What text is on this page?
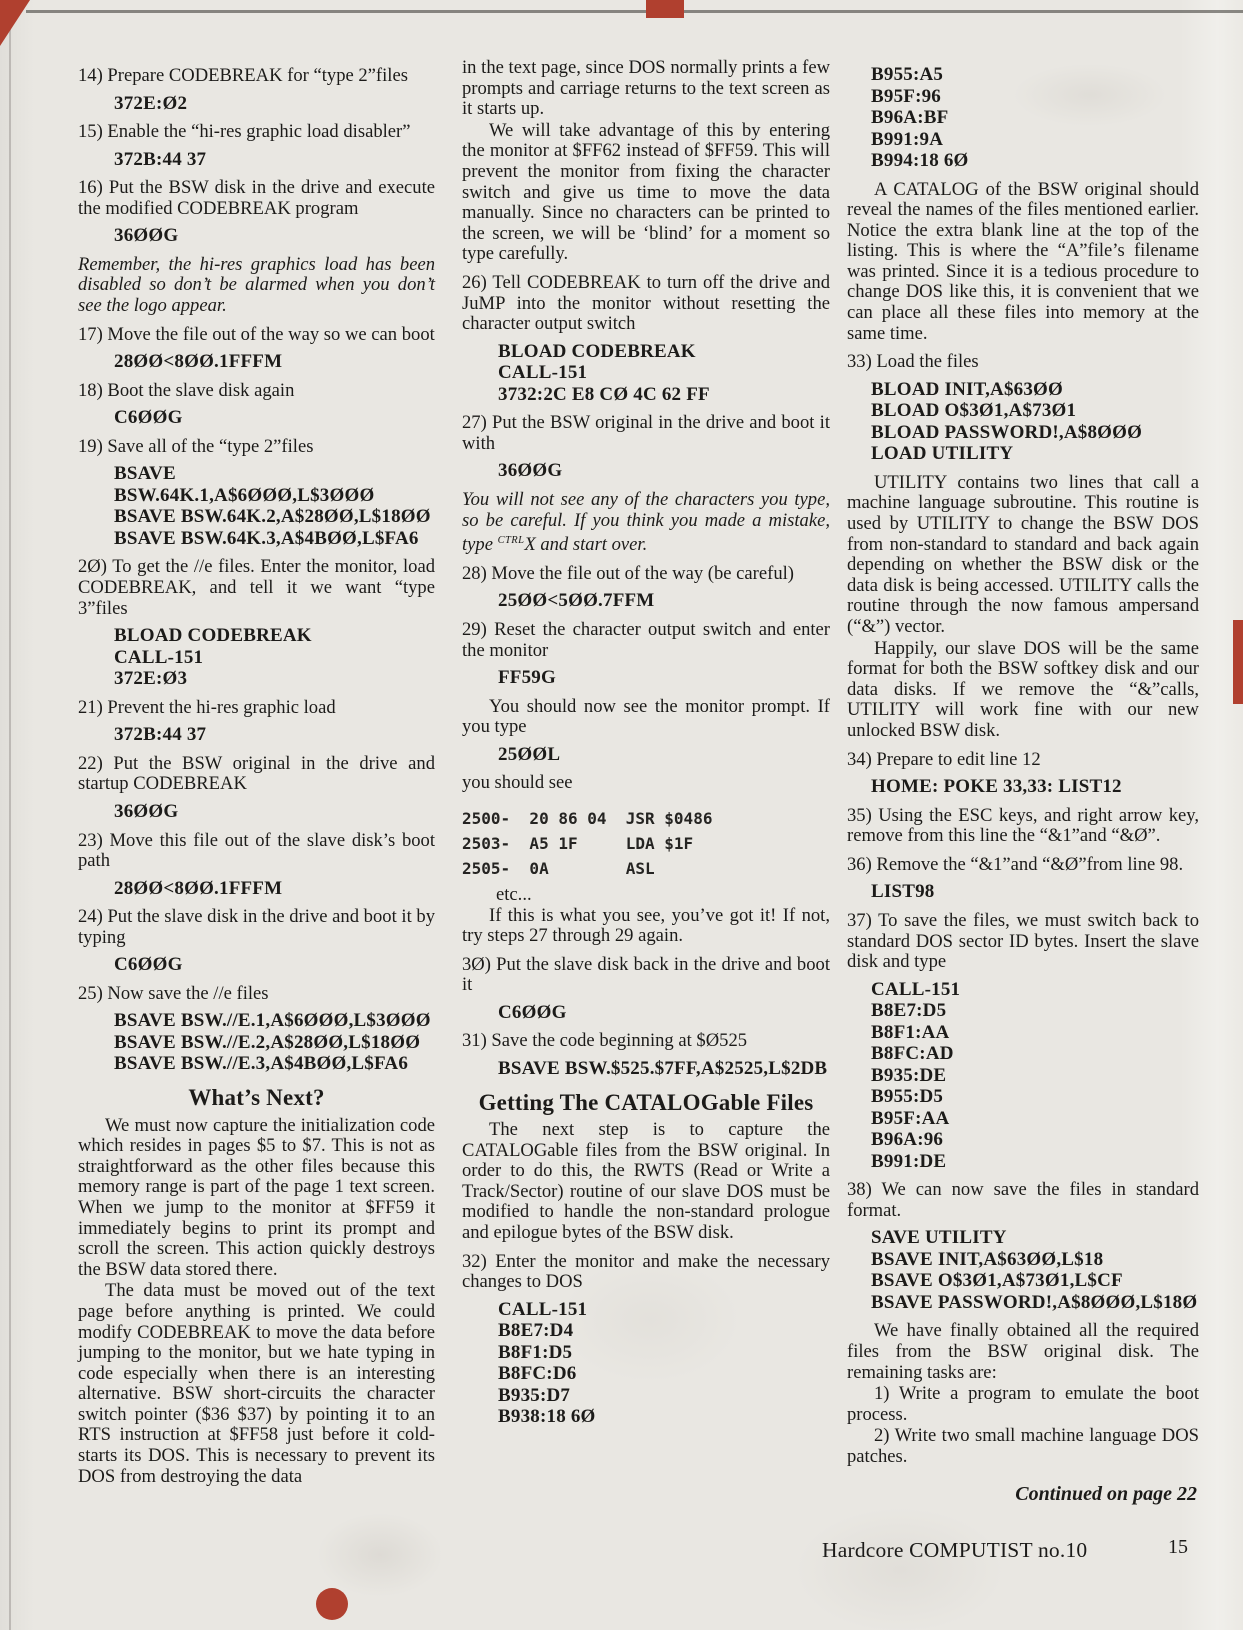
14) Prepare CODEBREAK for “type 2”files

372E:Ø2

15) Enable the “hi-res graphic load disabler”

372B:44 37

16) Put the BSW disk in the drive and execute the modified CODEBREAK program

36ØØG

Remember, the hi-res graphics load has been disabled so don’t be alarmed when you don’t see the logo appear.

17) Move the file out of the way so we can boot

28ØØ<8ØØ.1FFFM

18) Boot the slave disk again

C6ØØG

19) Save all of the “type 2”files

BSAVE BSW.64K.1,A$6ØØØ,L$3ØØØ
BSAVE BSW.64K.2,A$28ØØ,L$18ØØ
BSAVE BSW.64K.3,A$4BØØ,L$FA6

2Ø) To get the //e files. Enter the monitor, load CODEBREAK, and tell it we want “type 3”files

BLOAD CODEBREAK
CALL-151
372E:Ø3

21) Prevent the hi-res graphic load

372B:44 37

22) Put the BSW original in the drive and startup CODEBREAK

36ØØG

23) Move this file out of the slave disk’s boot path

28ØØ<8ØØ.1FFFM

24) Put the slave disk in the drive and boot it by typing

C6ØØG

25) Now save the //e files

BSAVE BSW.//E.1,A$6ØØØ,L$3ØØØ
BSAVE BSW.//E.2,A$28ØØ,L$18ØØ
BSAVE BSW.//E.3,A$4BØØ,L$FA6

What’s Next?

We must now capture the initialization code which resides in pages $5 to $7. This is not as straightforward as the other files because this memory range is part of the page 1 text screen. When we jump to the monitor at $FF59 it immediately begins to print its prompt and scroll the screen. This action quickly destroys the BSW data stored there.

The data must be moved out of the text page before anything is printed. We could modify CODEBREAK to move the data before jumping to the monitor, but we hate typing in code especially when there is an interesting alternative. BSW short-circuits the character switch pointer ($36 $37) by pointing it to an RTS instruction at $FF58 just before it cold-starts its DOS. This is necessary to prevent its DOS from destroying the data

in the text page, since DOS normally prints a few prompts and carriage returns to the text screen as it starts up.

We will take advantage of this by entering the monitor at $FF62 instead of $FF59. This will prevent the monitor from fixing the character switch and give us time to move the data manually. Since no characters can be printed to the screen, we will be ‘blind’ for a moment so type carefully.

26) Tell CODEBREAK to turn off the drive and JuMP into the monitor without resetting the character output switch

BLOAD CODEBREAK
CALL-151
3732:2C E8 CØ 4C 62 FF

27) Put the BSW original in the drive and boot it with

36ØØG

You will not see any of the characters you type, so be careful. If you think you made a mistake, type $^{CTRL}$X and start over.

28) Move the file out of the way (be careful)

25ØØ<5ØØ.7FFM

29) Reset the character output switch and enter the monitor

FF59G

You should now see the monitor prompt. If you type

25ØØL

you should see

2500-  20 86 04  JSR $0486
2503-  A5 1F     LDA $1F
2505-  0A        ASL

etc...

If this is what you see, you’ve got it! If not, try steps 27 through 29 again.

3Ø) Put the slave disk back in the drive and boot it

C6ØØG

31) Save the code beginning at $Ø525

BSAVE BSW.$525.$7FF,A$2525,L$2DB

Getting The CATALOGable Files

The next step is to capture the CATALOGable files from the BSW original. In order to do this, the RWTS (Read or Write a Track/Sector) routine of our slave DOS must be modified to handle the non-standard prologue and epilogue bytes of the BSW disk.

32) Enter the monitor and make the necessary changes to DOS

CALL-151
B8E7:D4
B8F1:D5
B8FC:D6
B935:D7
B938:18 6Ø
B955:A5
B95F:96
B96A:BF
B991:9A
B994:18 6Ø

A CATALOG of the BSW original should reveal the names of the files mentioned earlier. Notice the extra blank line at the top of the listing. This is where the “A”file’s filename was printed. Since it is a tedious procedure to change DOS like this, it is convenient that we can place all these files into memory at the same time.

33) Load the files

BLOAD INIT,A$63ØØ
BLOAD O$3Ø1,A$73Ø1
BLOAD PASSWORD!,A$8ØØØ
LOAD UTILITY

UTILITY contains two lines that call a machine language subroutine. This routine is used by UTILITY to change the BSW DOS from non-standard to standard and back again depending on whether the BSW disk or the data disk is being accessed. UTILITY calls the routine through the now famous ampersand (“&”) vector.

Happily, our slave DOS will be the same format for both the BSW softkey disk and our data disks. If we remove the “&”calls, UTILITY will work fine with our new unlocked BSW disk.

34) Prepare to edit line 12

HOME: POKE 33,33: LIST12

35) Using the ESC keys, and right arrow key, remove from this line the “&1”and “&Ø”.

36) Remove the “&1”and “&Ø”from line 98.

LIST98

37) To save the files, we must switch back to standard DOS sector ID bytes. Insert the slave disk and type

CALL-151
B8E7:D5
B8F1:AA
B8FC:AD
B935:DE
B955:D5
B95F:AA
B96A:96
B991:DE

38) We can now save the files in standard format.

SAVE UTILITY
BSAVE INIT,A$63ØØ,L$18
BSAVE O$3Ø1,A$73Ø1,L$CF
BSAVE PASSWORD!,A$8ØØØ,L$18Ø

We have finally obtained all the required files from the BSW original disk. The remaining tasks are:

1) Write a program to emulate the boot process.

2) Write two small machine language DOS patches.

Continued on page 22

Hardcore COMPUTIST no.10	15
